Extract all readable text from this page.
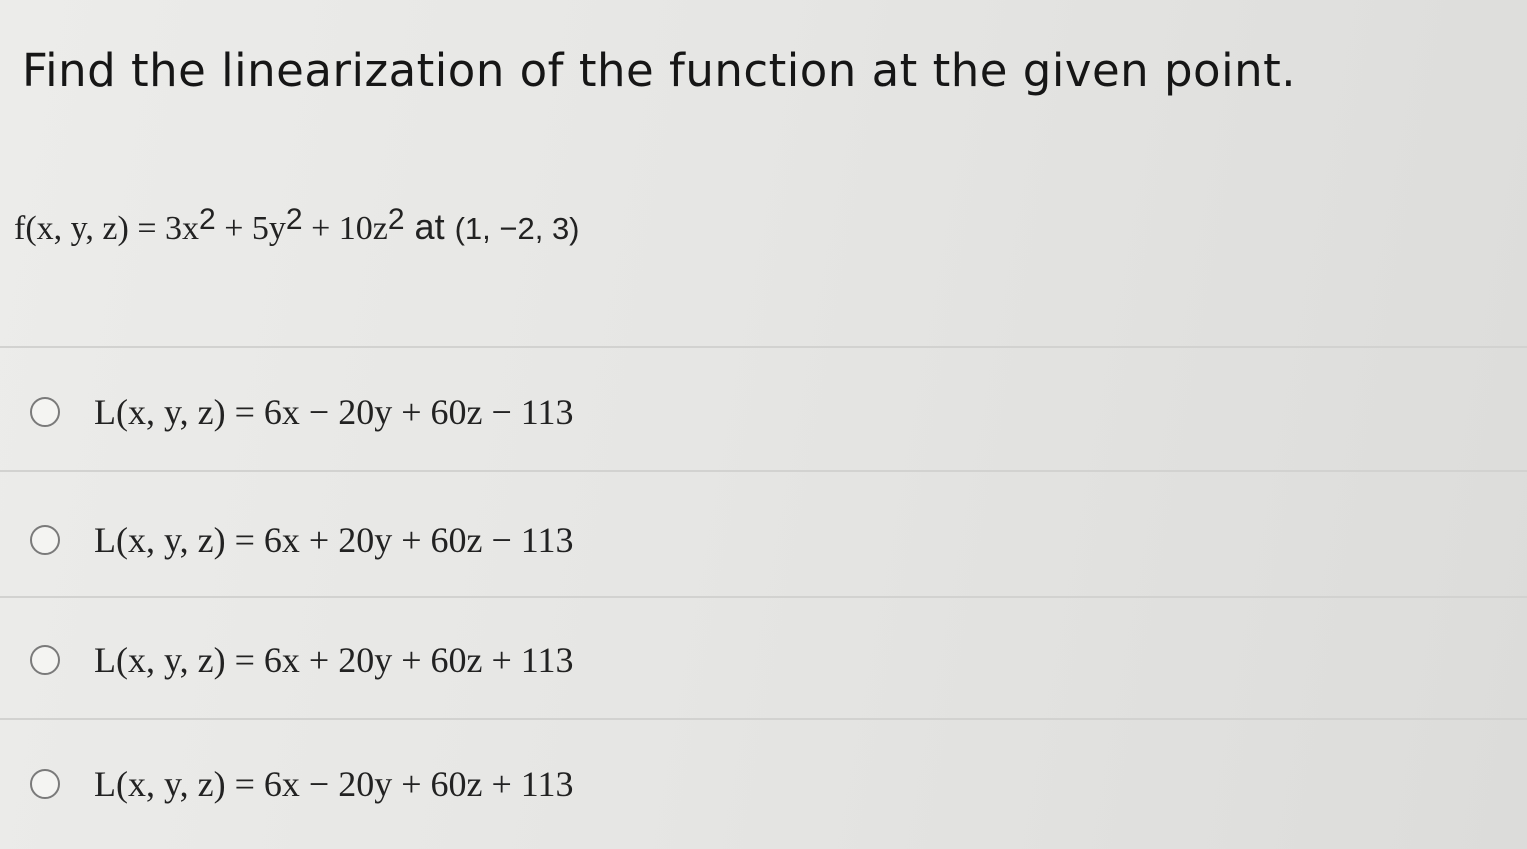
Find the linearization of the function at the given point.
f(x, y, $z) = 3x^2 + 5y^2 + 10z^2$ at (1, −2, 3)
L(x, y, z) = 6x − 20y + 60z − 113
L(x, y, z) = 6x + 20y + 60z − 113
L(x, y, z) = 6x + 20y + 60z + 113
L(x, y, z) = 6x − 20y + 60z + 113
